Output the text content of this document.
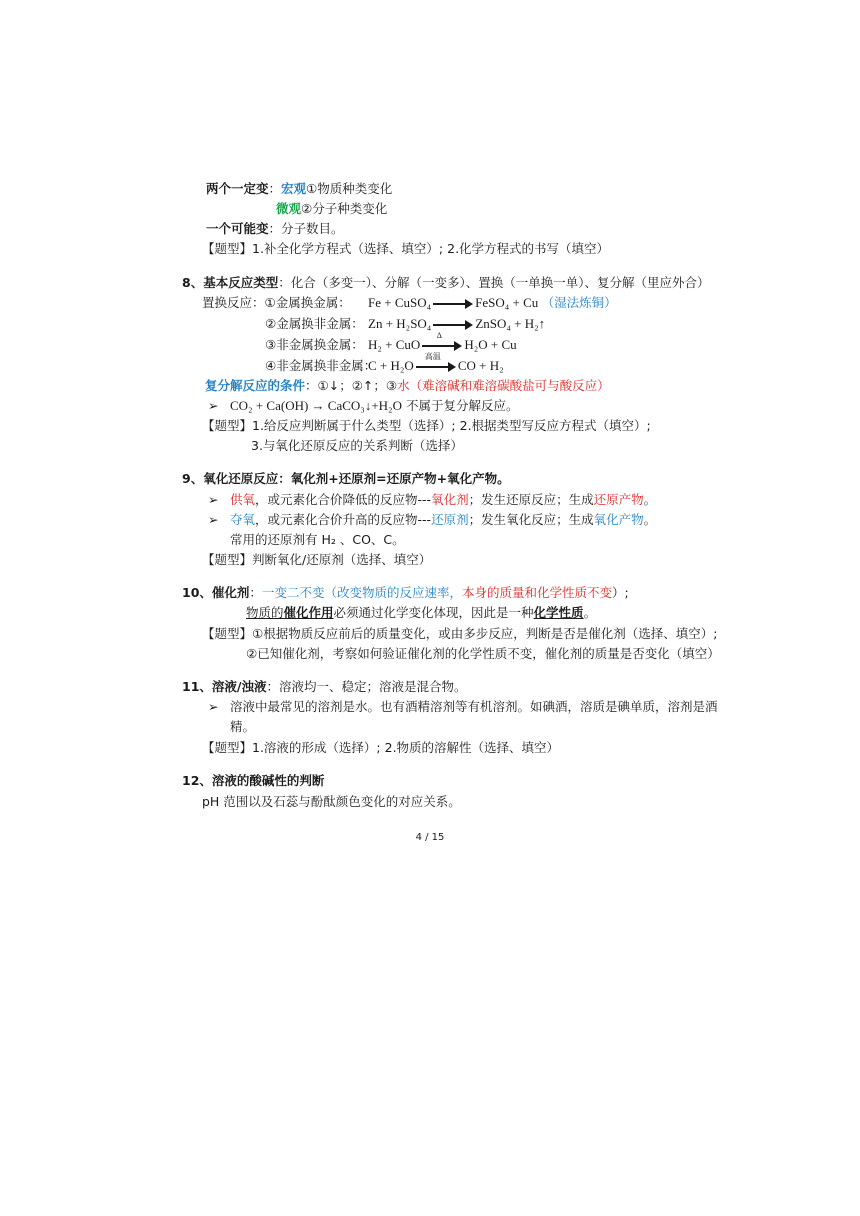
两个一定变：宏观①物质种类变化
微观②分子种类变化
一个可能变：分子数目。
【题型】1.补全化学方程式（选择、填空）; 2.化学方程式的书写（填空）
8、基本反应类型：化合（多变一）、分解（一变多）、置换（一单换一单）、复分解（里应外合）
置换反应：①金属换金属： Fe + CuSO₄	FeSO₄ + Cu （湿法炼铜）
②金属换非金属： Zn + H₂SO₄	ZnSO₄ + H₂↑
③非金属换金属： H₂ + CuO
Δ
H₂O + Cu
④非金属换非金属：
C + H₂O
高温
CO + H₂
复分解反应的条件：①↓；②↑；③水（难溶碱和难溶碳酸盐可与酸反应）
➢ CO₂ + Ca(OH) → CaCO₃↓+H₂O 不属于复分解反应。
【题型】1.给反应判断属于什么类型（选择）; 2.根据类型写反应方程式（填空）;
3.与氧化还原反应的关系判断（选择）
9、氧化还原反应：氧化剂+还原剂=还原产物+氧化产物。
➢ 供氧，或元素化合价降低的反应物---氧化剂；发生还原反应；生成还原产物。
➢ 夺氧，或元素化合价升高的反应物---还原剂；发生氧化反应；生成氧化产物。
常用的还原剂有 H₂ 、CO、C。
【题型】判断氧化/还原剂（选择、填空）
10、催化剂：一变二不变（改变物质的反应速率，本身的质量和化学性质不变）;
物质的催化作用必须通过化学变化体现，因此是一种化学性质。
【题型】①根据物质反应前后的质量变化，或由多步反应，判断是否是催化剂（选择、填空）;
②已知催化剂，考察如何验证催化剂的化学性质不变，催化剂的质量是否变化（填空）
11、溶液/浊液：溶液均一、稳定；溶液是混合物。
➢ 溶液中最常见的溶剂是水。也有酒精溶剂等有机溶剂。如碘酒，溶质是碘单质，溶剂是酒
精。
【题型】1.溶液的形成（选择）; 2.物质的溶解性（选择、填空）
12、溶液的酸碱性的判断
pH 范围以及石蕊与酚酞颜色变化的对应关系。
4 / 15
